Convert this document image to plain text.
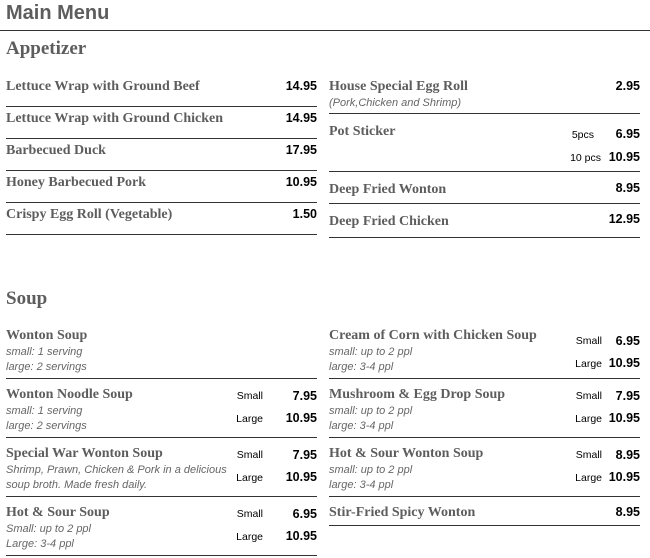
Main Menu
Appetizer
Lettuce Wrap with Ground Beef	14.95
Lettuce Wrap with Ground Chicken	14.95
Barbecued Duck	17.95
Honey Barbecued Pork	10.95
Crispy Egg Roll (Vegetable)	1.50
House Special Egg Roll
(Pork,Chicken and Shrimp)
2.95
Pot Sticker	5pcs 6.95
10 pcs 10.95
Deep Fried Wonton	8.95
Deep Fried Chicken	12.95
Soup
Wonton Soup
small: 1 serving
large: 2 servings
Wonton Noodle Soup
small: 1 serving
large: 2 servings
Small 7.95
Large 10.95
Special War Wonton Soup
Shrimp, Prawn, Chicken & Pork in a delicious
soup broth. Made fresh daily.
Small 7.95
Large 10.95
Hot & Sour Soup
Small: up to 2 ppl
Large: 3-4 ppl
Small 6.95
Large 10.95
Cream of Corn with Chicken Soup
small: up to 2 ppl
large: 3-4 ppl
Small 6.95
Large 10.95
Mushroom & Egg Drop Soup
small: up to 2 ppl
large: 3-4 ppl
Small 7.95
Large 10.95
Hot & Sour Wonton Soup
small: up to 2 ppl
large: 3-4 ppl
Small 8.95
Large 10.95
Stir-Fried Spicy Wonton	8.95
